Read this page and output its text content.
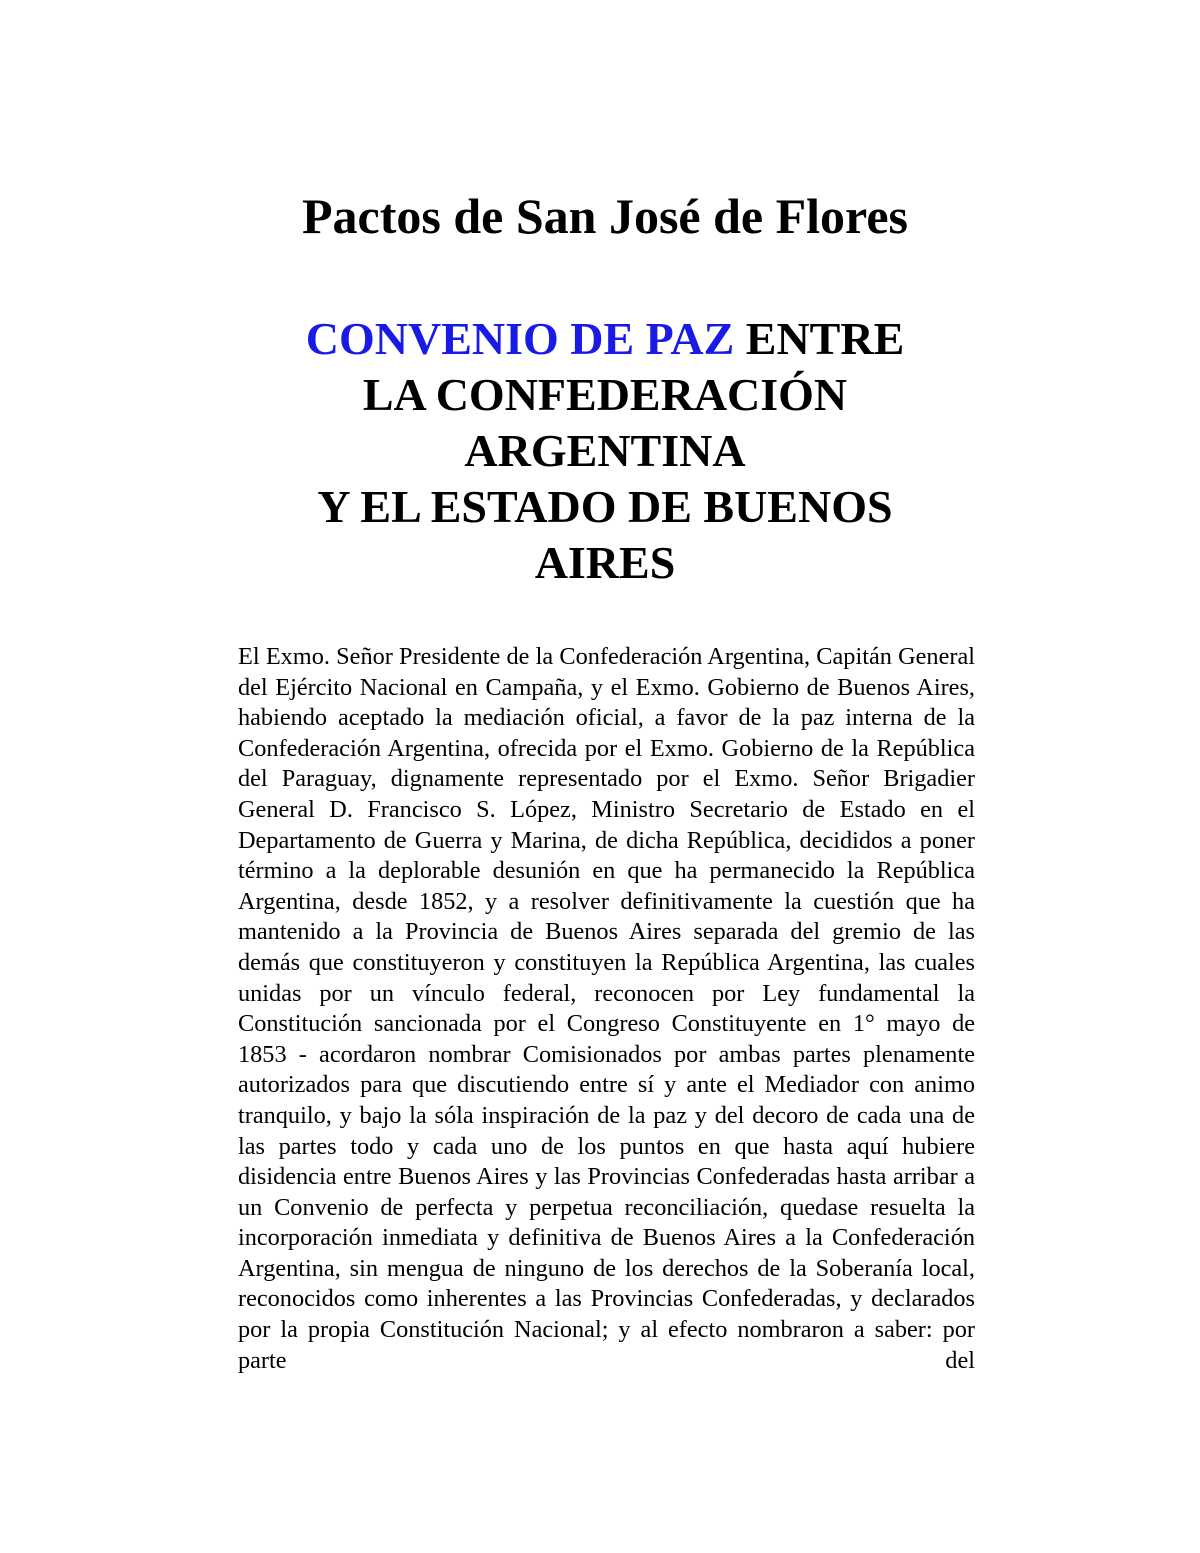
Pactos de San José de Flores
CONVENIO DE PAZ ENTRE
LA CONFEDERACIÓN
ARGENTINA
Y EL ESTADO DE BUENOS
AIRES

El Exmo. Señor Presidente de la Confederación Argentina, Capitán General del Ejército Nacional en Campaña, y el Exmo. Gobierno de Buenos Aires, habiendo aceptado la mediación oficial, a favor de la paz interna de la Confederación Argentina, ofrecida por el Exmo. Gobierno de la República del Paraguay, dignamente representado por el Exmo. Señor Brigadier General D. Francisco S. López, Ministro Secretario de Estado en el Departamento de Guerra y Marina, de dicha República, decididos a poner término a la deplorable desunión en que ha permanecido la República Argentina, desde 1852, y a resolver definitivamente la cuestión que ha mantenido a la Provincia de Buenos Aires separada del gremio de las demás que constituyeron y constituyen la República Argentina, las cuales unidas por un vínculo federal, reconocen por Ley fundamental la Constitución sancionada por el Congreso Constituyente en 1° mayo de 1853 - acordaron nombrar Comisionados por ambas partes plenamente autorizados para que discutiendo entre sí y ante el Mediador con animo tranquilo, y bajo la sóla inspiración de la paz y del decoro de cada una de las partes todo y cada uno de los puntos en que hasta aquí hubiere disidencia entre Buenos Aires y las Provincias Confederadas hasta arribar a un Convenio de perfecta y perpetua reconciliación, quedase resuelta la incorporación inmediata y definitiva de Buenos Aires a la Confederación Argentina, sin mengua de ninguno de los derechos de la Soberanía local, reconocidos como inherentes a las Provincias Confederadas, y declarados por la propia Constitución Nacional; y al efecto nombraron a saber: por parte del
